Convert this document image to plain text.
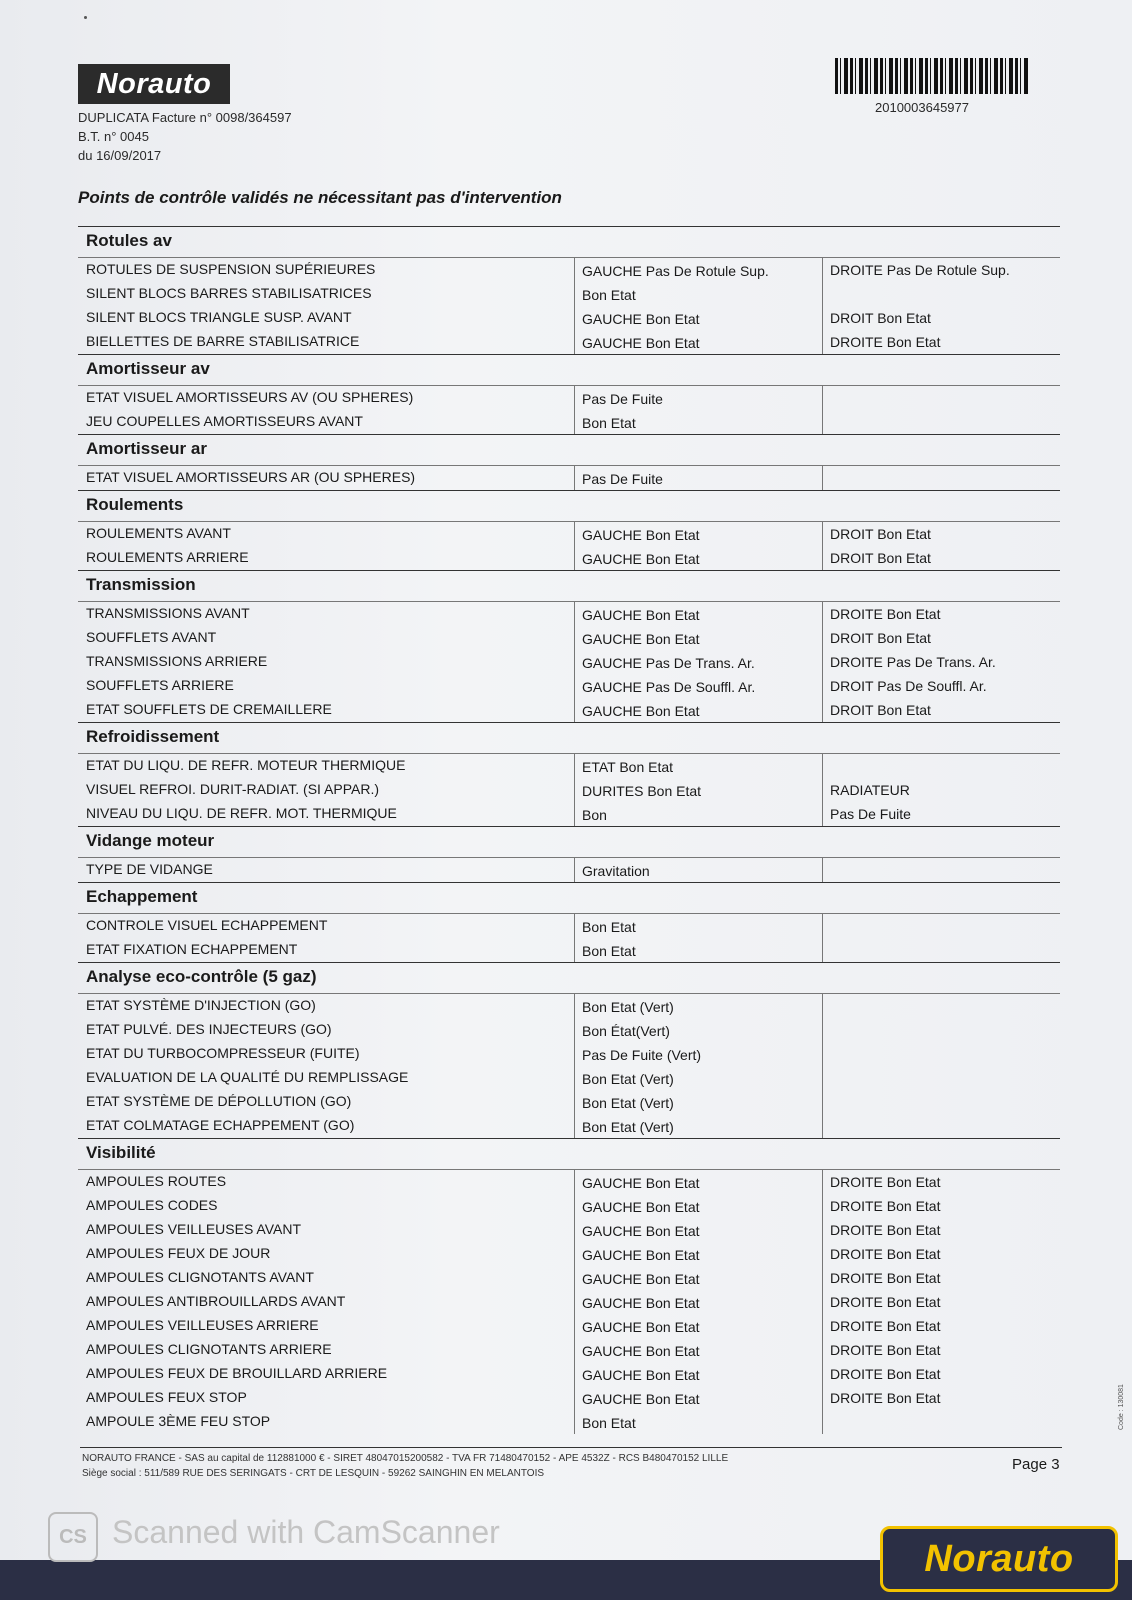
Norauto
DUPLICATA Facture n° 0098/364597
B.T. n° 0045
du 16/09/2017
2010003645977
Points de contrôle validés ne nécessitant pas d'intervention
Rotules av
ROTULES DE SUSPENSION SUPÉRIEURES	GAUCHE Pas De Rotule Sup.	DROITE Pas De Rotule Sup.
SILENT BLOCS BARRES STABILISATRICES	Bon Etat
SILENT BLOCS TRIANGLE SUSP. AVANT	GAUCHE Bon Etat	DROIT Bon Etat
BIELLETTES DE BARRE STABILISATRICE	GAUCHE Bon Etat	DROITE Bon Etat
Amortisseur av
ETAT VISUEL AMORTISSEURS AV (OU SPHERES)	Pas De Fuite
JEU COUPELLES AMORTISSEURS AVANT	Bon Etat
Amortisseur ar
ETAT VISUEL AMORTISSEURS AR (OU SPHERES)	Pas De Fuite
Roulements
ROULEMENTS AVANT	GAUCHE Bon Etat	DROIT Bon Etat
ROULEMENTS ARRIERE	GAUCHE Bon Etat	DROIT Bon Etat
Transmission
TRANSMISSIONS AVANT	GAUCHE Bon Etat	DROITE Bon Etat
SOUFFLETS AVANT	GAUCHE Bon Etat	DROIT Bon Etat
TRANSMISSIONS ARRIERE	GAUCHE Pas De Trans. Ar.	DROITE Pas De Trans. Ar.
SOUFFLETS ARRIERE	GAUCHE Pas De Souffl. Ar.	DROIT Pas De Souffl. Ar.
ETAT SOUFFLETS DE CREMAILLERE	GAUCHE Bon Etat	DROIT Bon Etat
Refroidissement
ETAT DU LIQU. DE REFR. MOTEUR THERMIQUE	ETAT Bon Etat
VISUEL REFROI. DURIT-RADIAT. (SI APPAR.)	DURITES Bon Etat	RADIATEUR
NIVEAU DU LIQU. DE REFR. MOT. THERMIQUE	Bon	Pas De Fuite
Vidange moteur
TYPE DE VIDANGE	Gravitation
Echappement
CONTROLE VISUEL ECHAPPEMENT	Bon Etat
ETAT FIXATION ECHAPPEMENT	Bon Etat
Analyse eco-contrôle (5 gaz)
ETAT SYSTÈME D'INJECTION (GO)	Bon Etat (Vert)
ETAT PULVÉ. DES INJECTEURS (GO)	Bon État(Vert)
ETAT DU TURBOCOMPRESSEUR (FUITE)	Pas De Fuite (Vert)
EVALUATION DE LA QUALITÉ DU REMPLISSAGE	Bon Etat (Vert)
ETAT SYSTÈME DE DÉPOLLUTION (GO)	Bon Etat (Vert)
ETAT COLMATAGE ECHAPPEMENT (GO)	Bon Etat (Vert)
Visibilité
AMPOULES ROUTES	GAUCHE Bon Etat	DROITE Bon Etat
AMPOULES CODES	GAUCHE Bon Etat	DROITE Bon Etat
AMPOULES VEILLEUSES AVANT	GAUCHE Bon Etat	DROITE Bon Etat
AMPOULES FEUX DE JOUR	GAUCHE Bon Etat	DROITE Bon Etat
AMPOULES CLIGNOTANTS AVANT	GAUCHE Bon Etat	DROITE Bon Etat
AMPOULES ANTIBROUILLARDS AVANT	GAUCHE Bon Etat	DROITE Bon Etat
AMPOULES VEILLEUSES ARRIERE	GAUCHE Bon Etat	DROITE Bon Etat
AMPOULES CLIGNOTANTS ARRIERE	GAUCHE Bon Etat	DROITE Bon Etat
AMPOULES FEUX DE BROUILLARD ARRIERE	GAUCHE Bon Etat	DROITE Bon Etat
AMPOULES FEUX STOP	GAUCHE Bon Etat	DROITE Bon Etat
AMPOULE 3ÈME FEU STOP	Bon Etat
NORAUTO FRANCE - SAS au capital de 112881000 € - SIRET 48047015200582 - TVA FR 71480470152 - APE 4532Z - RCS B480470152 LILLE
Siège social : 511/589 RUE DES SERINGATS - CRT DE LESQUIN - 59262 SAINGHIN EN MELANTOIS
Page 3
Code : 130081
CS Scanned with CamScanner
Norauto
